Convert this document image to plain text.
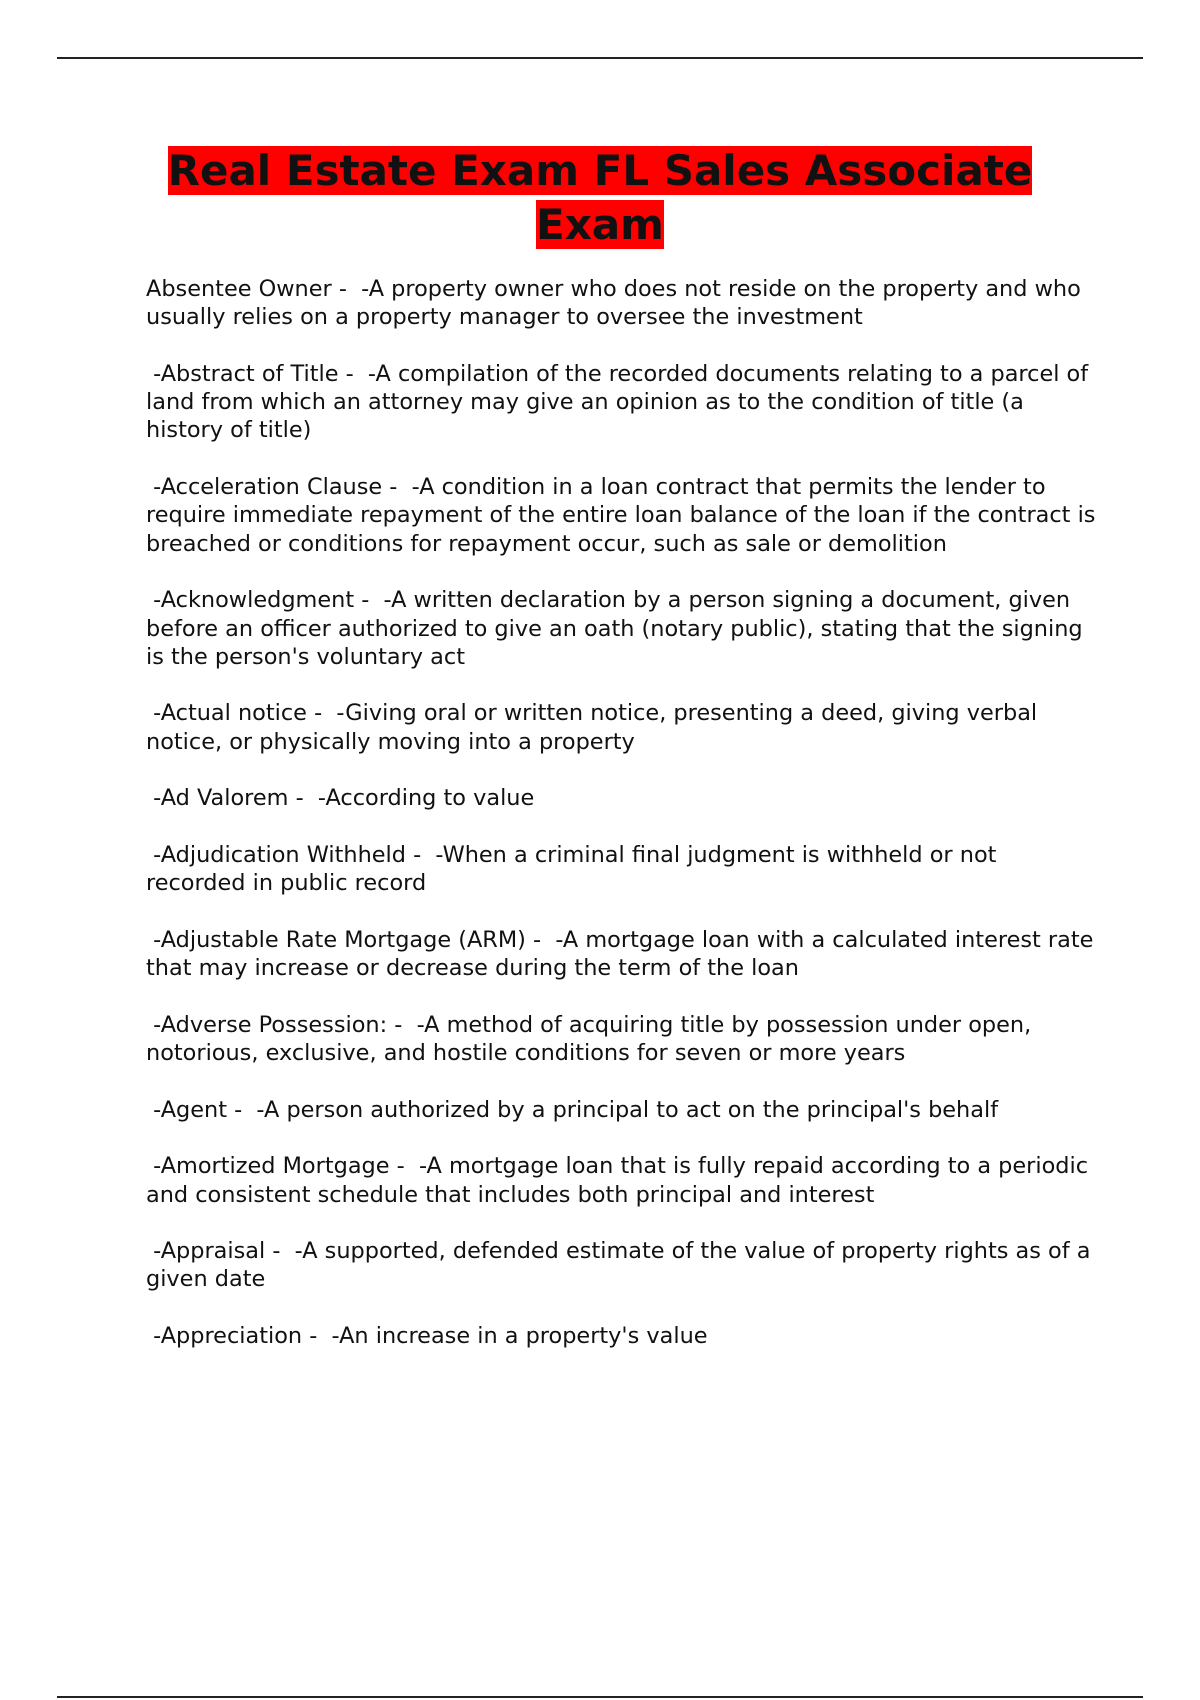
Real Estate Exam FL Sales Associate Exam
Absentee Owner -  -A property owner who does not reside on the property and who usually relies on a property manager to oversee the investment
-Abstract of Title -  -A compilation of the recorded documents relating to a parcel of land from which an attorney may give an opinion as to the condition of title (a history of title)
-Acceleration Clause -  -A condition in a loan contract that permits the lender to require immediate repayment of the entire loan balance of the loan if the contract is breached or conditions for repayment occur, such as sale or demolition
-Acknowledgment -  -A written declaration by a person signing a document, given before an officer authorized to give an oath (notary public), stating that the signing is the person's voluntary act
-Actual notice -  -Giving oral or written notice, presenting a deed, giving verbal notice, or physically moving into a property
-Ad Valorem -  -According to value
-Adjudication Withheld -  -When a criminal final judgment is withheld or not recorded in public record
-Adjustable Rate Mortgage (ARM) -  -A mortgage loan with a calculated interest rate that may increase or decrease during the term of the loan
-Adverse Possession: -  -A method of acquiring title by possession under open, notorious, exclusive, and hostile conditions for seven or more years
-Agent -  -A person authorized by a principal to act on the principal's behalf
-Amortized Mortgage -  -A mortgage loan that is fully repaid according to a periodic and consistent schedule that includes both principal and interest
-Appraisal -  -A supported, defended estimate of the value of property rights as of a given date
-Appreciation -  -An increase in a property's value
